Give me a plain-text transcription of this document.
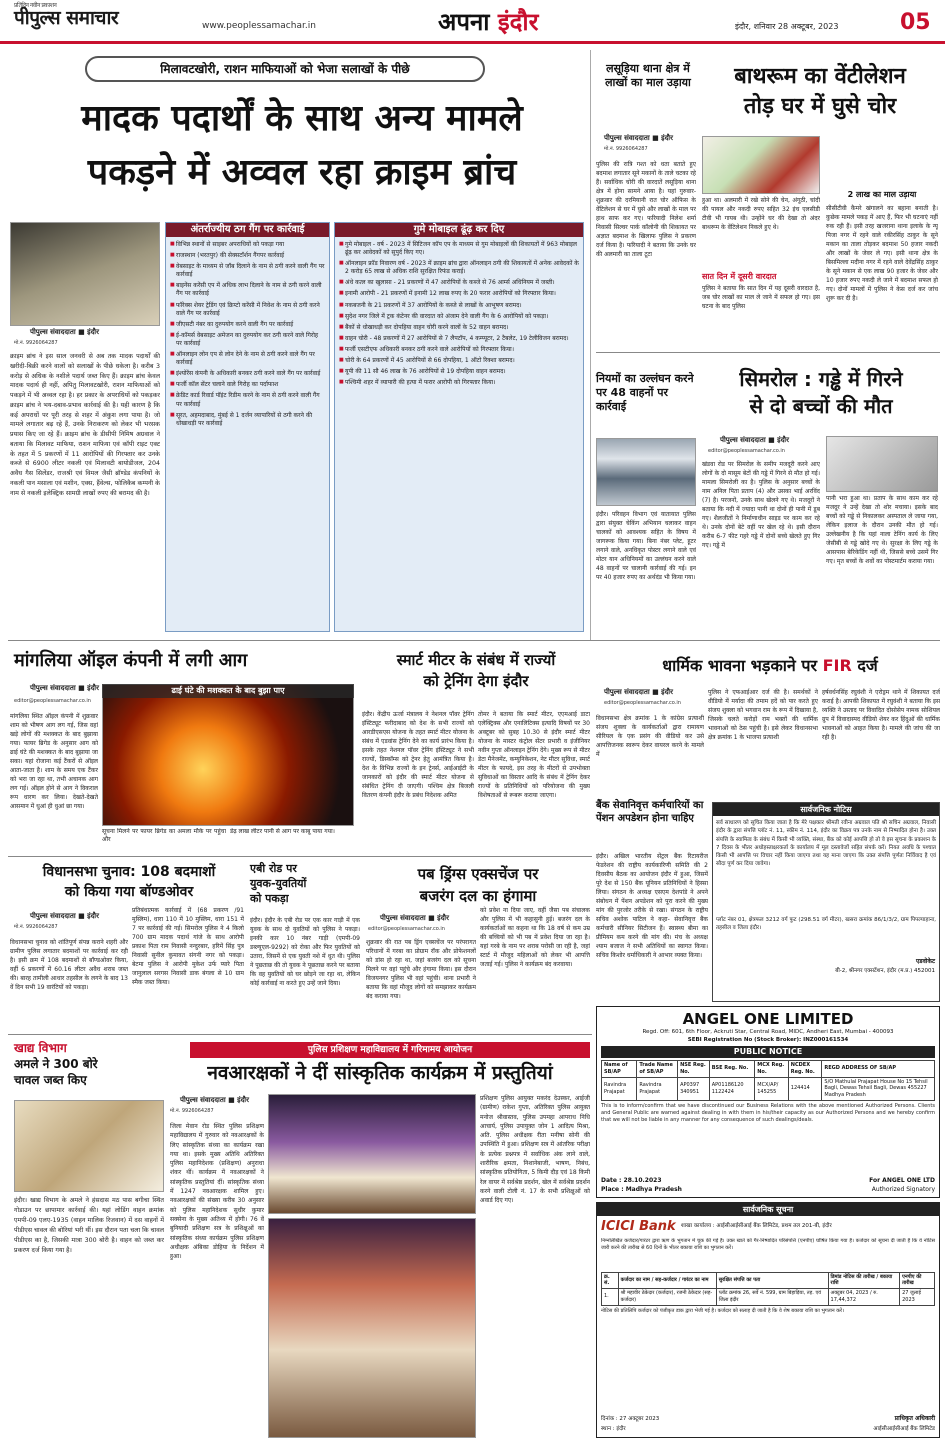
प्रतिदिन नवीन प्रकाशन
पीपुल्स समाचार	www.peoplessamachar.in	अपना इंदौर	इंदौर, शनिवार 28 अक्टूबर, 2023	05
मिलावटखोरी, राशन माफियाओं को भेजा सलाखों के पीछे
मादक पदार्थों के साथ अन्य मामले
पकड़ने में अव्वल रहा क्राइम ब्रांच
पीपुल्स संवाददाता ■ इंदौर
मो.नं. 9926064287
क्राइम ब्रांच ने इस साल जनवरी से अब तक मादक पदार्थों की खरीदी-बिक्री करने वालों को सलाखों के पीछे धकेला है। करीब 3 करोड़ से अधिक के नशीले पदार्थ जब्त किए हैं। क्राइम ब्रांच केवल मादक पदार्थ ही नहीं, अपितु मिलावटखोरी, राशन माफियाओं को पकड़ने में भी अव्वल रहा है। हर प्रकार के अपराधियों को पकड़कर क्राइम ब्रांच ने भय-दबाव-प्रभाव कार्रवाई की है। यही कारण है कि कई अपराधों पर पूरी तरह से शहर में अंकुश लगा पाया है। जो मामले लगातार बढ़ रहे हैं, उनके निराकरण को लेकर भी भरसक प्रयास किए जा रहे हैं। क्राइम ब्रांच के डीसीपी निमिष अग्रवाल ने बताया कि मिलावट माफिया, राशन माफिया एवं कॉपी राइट एक्ट के तहत में 5 प्रकरणों में 11 आरोपियों की गिरफ्तार कर उनके कब्जे से 6900 लीटर नकली एवं मिलावटी बायोडीजल, 204 अवैध गैस सिलेंडर, राजश्री एवं विमल जैसी ब्रॉण्डेड कंपनियों के नकली पान मसाला एवं मशीन, एक्स, हैंवेल्स, फोलिकैब कम्पनी के नाम से नकली इलेक्ट्रिक सामग्री लाखों रुपए की बरामद की है।
अंतर्राज्यीय ठग गैंग पर कार्रवाई
■ विभिन्न स्थानों से साइबर अपराधियों को पकड़ा गया
■ राजस्थान (भरतपुर) की सेक्सटाॅर्शन गैंगपर कार्रवाई
■ वेबसाइट के माध्यम से जॉब दिलाने के नाम से ठगी करने वाली गैंग पर कार्रवाई
■ बाइनेंस करेंसी एप में अधिक लाभ दिलाने के नाम से ठगी करने वाली गैंग पर कार्रवाई
■ फॉरेक्स शेयर ट्रेडिंग एवं क्रिप्टो करेंसी में निवेश के नाम से ठगी करने वाले गैंग पर कार्रवाई
■ जीएसटी नंबर का दुरुपयोग करने वाली गैंग पर कार्रवाई
■ ई-कॉमर्स वेबसाइट अमेजन का दुरुपयोग कर ठगी करने वाले गिरोह पर कार्रवाई
■ ऑनलाइन लोन एप से लोन देने के नाम से ठगी करने वाले गैंग पर कार्रवाई
■ इंश्योरेंस कंपनी के अधिकारी बनकर ठगी करने वाले गैंग पर कार्रवाई
■ फर्जी कॉल सेंटर चलाने वाले गिरोह का पर्दाफाश
■ क्रेडिट कार्ड रिवार्ड पॉइंट रिडीम करने के नाम से ठगी करने वाली गैंग पर कार्रवाई
■ सूरत, अहमदाबाद, मुंबई से 1 दर्जन व्यापारियों से ठगी करने की धोखाधड़ी पर कार्रवाई
गुमे मोबाइल ढूंढ़ कर दिए
■ गुमे मोबाइल - वर्ष - 2023 में सिटिजन कॉप एप के माध्यम से गुम मोबाइलों की शिकायतों में 963 मोबाइल ढूंढ़ कर आवेदकों को सुपुर्द किए गए।
■ ऑनलाइन फ्रॉड निवारण वर्ष - 2023 में क्राइम ब्रांच द्वारा ऑनलाइन ठगी की शिकायतों में अनेक आवेदकों के 2 करोड़ 65 लाख से अधिक राशि सुरक्षित रिफंड कराई।
■ अंधे कत्ल का खुलासा - 21 प्रकरणों में 47 आरोपियों के कब्जे से 76 आर्म्स अधिनियम में जब्ती।
■ इनामी आरोपी - 21 प्रकरणों में इनामी 12 लाख रुपए के 20 फरार आरोपियों को गिरफ्तार किया।
■ नकबजनी के 21 प्रकरणों में 37 आरोपियों के कब्जे से लाखों के आभूषण बरामद।
■ सुदेश नगर जिले में ट्रक कंटेनर की वारदात को अंजाम देने वाली गैंग के 6 आरोपियों को पकड़ा।
■ बैंकों से धोखाधड़ी कर दोपहिया वाहन चोरी करने वालों के 52 वाहन बरामद।
■ वाहन चोरी - 48 प्रकरणों में 27 आरोपियों से 7 लैपटॉप, 4 कम्प्यूटर, 2 टैबलेट, 19 टेलीविजन बरामद।
■ फर्जी एसटीएफ अधिकारी बनकर ठगी करने वाले आरोपियों को गिरफ्तार किया।
■ चोरी के 64 प्रकरणों में 45 आरोपियों से 66 दोपहिया, 1 ऑटो रिक्शा बरामद।
■ यूपी की 11 सौ 46 लाख के 76 आरोपियों से 19 दोपहिया वाहन बरामद।
■ पश्चिमी शहर में व्यापारी की हत्या में फरार आरोपी को गिरफ्तार किया।
लसूड़िया थाना क्षेत्र में लाखों का माल उड़ाया
पीपुल्स संवाददाता ■ इंदौर
मो.नं. 9926064287
पुलिस की रात्रि गश्त को धता बताते हुए बदमाश लगातार सूने मकानों के ताले चटका रहे हैं। सर्वाधिक चोरी की वारदातें लसूड़िया थाना क्षेत्र में होना सामने आया है। यहां गुरुवार-शुक्रवार की दरमियानी रात चोर ऑफिस के वेंटिलेशन से घर में घुसे और लाखों के माल पर हाथ साफ कर गए। फरियादी निलेश शर्मा निवासी सिल्वर पार्क कॉलोनी की शिकायत पर अज्ञात बदमाश के खिलाफ पुलिस ने प्रकरण दर्ज किया है। फरियादी ने बताया कि उनके घर की अलमारी का ताला टूटा
बाथरूम का वेंटीलेशन
तोड़ घर में घुसे चोर
हुआ था। अलमारी में रखे सोने की चेन, अंगूठी, चांदी की पायल और नकदी रुपए सहित 32 इंच एलसीडी टीवी भी गायब थी। उन्होंने घर की देखा तो अंदर बाथरूम के वेंटिलेशन निकले हुए थे।
सात दिन में दूसरी वारदात
पुलिस ने बताया कि सात दिन में यह दूसरी वारदात है, जब चोर लाखों का माल ले जाने में सफल हो गए। इस घटना के बाद पुलिस
2 लाख का माल उड़ाया
सीसीटीवी कैमरे खंगालने का बहाना बनाती है। कुछेक मामले पकड़ में आए हैं, फिर भी घटनाएं नहीं रुक रही हैं। इसी तरह खजराना थाना इलाके के न्यू पिजा नगर में रहने वाले रकीरसिंह ठाकुर के सूने मकान का ताला तोड़कर बदमाश 50 हजार नकदी और लाखों के जेवर ले गए। इसी थाना क्षेत्र के बिसमिल्ला मदीना नगर में रहने वाले देवेंद्रसिंह ठाकुर के सूने मकान से एक लाख 90 हजार के जेवर और 10 हजार रुपए नकदी ले जाने में बदमाश सफल हो गए। दोनों मामलों में पुलिस ने केस दर्ज कर जांच शुरू कर दी है।
नियमों का उल्लंघन करने पर 48 वाहनों पर कार्रवाई
इंदौर। परिवहन विभाग एवं यातायात पुलिस द्वारा संयुक्त चेकिंग अभियान चलाकर वाहन चालकों को आवश्यक सहित के विषय में जागरूक किया गया। बिना नंबर प्लेट, हूटर लगाने वाले, अनधिकृत पोस्टर लगाने वाले एवं मोटर यान अधिनियमों का उल्लंघन करने वाले 48 वाहनों पर चालानी कार्रवाई की गई। इन पर 40 हजार रुपए का अर्थदंड भी किया गया।
सिमरोल : गड्ढे में गिरने
से दो बच्चों की मौत
पीपुल्स संवाददाता ■ इंदौर
editor@peoplessamachar.co.in
खंडवा रोड पर सिमरोल के समीप मजदूरी करने आए लोगों के दो मासूम बेटों की गड्ढे में गिरने से मौत हो गई। मामला सिमरोली का है। पुलिस के अनुसार बच्चों के नाम अनिल पिता प्रताप (4) और उसका भाई अरविंद (7) है। परजनों, उनके साथ खेलने गए थे। मजदूरों ने बताया कि नदी में ज्यादा पानी था दोनों ही पानी में डूब गए। शैलजीतों ने निर्माणाधीन साइड पर काम कर रहे थे। उनके दोनों बेटे वहीं पर खेल रहे थे। इसी दौरान करीब 6-7 फीट गहरे गड्ढे में दोनों बच्चे खेलते हुए गिर गए। गड्ढे में
पानी भरा हुआ था। प्रताप के साथ काम कर रहे मजदूर ने उन्हें देखा तो शोर मचाया। इसके बाद बच्चों को गड्ढे से निकालकर अस्पताल ले जाया गया, लेकिन इलाज के दौरान उनकी मौत हो गई। उल्लेखनीय है कि यहां नाला टेनिंग कार्य के लिए जेसीबी से गड्ढे खोदे गए थे। सुरक्षा के लिए गड्ढे के आसपास बेरिकेडिंग नहीं थी, जिससे बच्चे उसमें गिर गए। मृत बच्चों के शवों का पोस्टमार्टम कराया गया।
मांगलिया ऑइल कंपनी में लगी आग
पीपुल्स संवाददाता ■ इंदौर
editor@peoplessamachar.co.in
मांगलिया स्थित ऑइल कंपनी में शुक्रवार शाम को भीषण आग लग गई, जिस वहां खड़े लोगों की मशक्कत के बाद बुझाया गया। फायर ब्रिगेड के अनुसार आग को ढाई घंटे की मशक्कत के बाद बुझाया जा सका। यहां रोजाना कई टैंकरों से ऑइल आता-जाता है। शाम के समय एक टैंकर को भरा जा रहा था, तभी अचानक आग लग गई। ऑइल होने से आग ने विकराल रूप धारण कर लिया। देखते-देखते आसमान में धुआं ही धुआं छा गया।
ढाई घंटे की मशक्कत के बाद बुझा पाए
सूचना मिलने पर फायर ब्रिगेड का अमला मौके पर पहुंचा और
डेढ़ लाख लीटर पानी से आग पर काबू पाया गया।
स्मार्ट मीटर के संबंध में राज्यों
को ट्रेनिंग देगा इंदौर
इंदौर। केंद्रीय ऊर्जा मंत्रालय ने नेशनल पॉवर ट्रेनिंग इंस्टिट्यूट फरीदाबाद को देश के सभी राज्यों को आरडीएसएस योजना के तहत स्मार्ट मीटर योजना के संबंध में एडवांस ट्रेनिंग देने का कार्य प्रारंभ किया है। इसके तहत नेशनल पॉवर ट्रेनिंग इंस्टिट्यूट ने सभी राज्यों, डिस्कॉम्स को ट्रेनर हेतु आमंत्रित किया है। देश के विभिन्न राज्यों के इन ट्रेनर्स, आईआईटी के जानकारों को इंदौर की स्मार्ट मीटर योजना से संबंधित ट्रेनिंग दी जाएगी। पश्चिम क्षेत्र बिजली वितरण कंपनी इंदौर के प्रबंध निदेशक अमित
तोमर ने बताया कि स्मार्ट मीटर, एएमआई डाटा एलेक्ट्रिक्स और एनालिटिक्स इत्यादि विषयों पर 30 अक्टूबर को सुबह 10.30 से इंदौर स्मार्ट मीटर योजना के मास्टर कंट्रोल सेंटर प्रभारी व इंजीनियर नवीन गुप्ता ऑनलाइन ट्रेनिंग देंगे। मुख्य रूप से मीटर डेटा मैनेजमेंट, कम्युनिकेशन, नेट मीटर सुविधा, स्मार्ट मीटर के फायदे, इस तरह के मीटरों से उपभोक्ता सुविधाओं का विस्तार आदि के संबंध में ट्रेनिंग देकर राज्यों के प्रतिनिधियों को परियोजना की मुख्य विशेषताओं से रूबरू कराया जाएगा।
धार्मिक भावना भड़काने पर FIR दर्ज
पीपुल्स संवाददाता ■ इंदौर
editor@peoplessamachar.co.in
विधानसभा क्षेत्र क्रमांक 1 के कांग्रेस प्रत्याशी संजय शुक्ला के कार्यकर्ताओं द्वारा रामायण सीरियल के एक प्रसंग की वीडियो कर उसे आपत्तिजनक स्वरूप देकर वायरल करने के मामले में
पुलिस ने एफआईआर दर्ज की है। समर्थकों ने वीडियो में मर्यादा की तमाम हदें को पार करते हुए संजय शुक्ला को भगवान राम के रूप में दिखाया है, जिसके चलते करोड़ों राम भक्तों की धार्मिक भावनाओं को ठेस पहुंची है। इसे लेकर विधानसभा क्षेत्र क्रमांक 1 के भाजपा प्रत्याशी
हर्षवर्धनसिंह रघुवंशी ने एरोड्रम थाने में शिकायत दर्ज कराई है। आपकी शिकायत में रघुवंशी ने बताया कि इस व्यक्ति ने उस्ताद पर विवादित दोसोसेप नामक सोशियल ग्रुप में विवादास्पद वीडियो शेयर कर हिंदुओं की धार्मिक भावनाओं को आहत किया है। मामले की जांच की जा रही है।
विधानसभा चुनाव: 108 बदमाशों
को किया गया बॉण्डओवर
पीपुल्स संवाददाता ■ इंदौर
मो.नं. 9926064287
विधानसभा चुनाव को शांतिपूर्ण संपन्न कराने शहरी और ग्रामीण पुलिस लगातार बदमाशों पर कार्रवाई कर रही है। इसी क्रम में 108 बदमाशों से बॉण्डओवर किया, वहीं 6 प्रकरणों में 60.16 लीटर अवैध शराब जब्त की। बारह तामीली आधार तहसील के लगने के बाद 13 वें दिन सभी 19 वारंटियों को पकड़ा।
प्रतिबंधात्मक कार्रवाई में (68 प्रकरण /91 मुस्लिम), धारा 110 में 10 मुस्लिम, धारा 151 में 7 पर कार्रवाई की गई। सिमरोल पुलिस ने 4 किलो 700 ग्राम मादक पदार्थ गांजे के साथ आरोपी प्रकाश पिता राम निवासी नन्दुरबार, हरिमें सिंह पुत्र निवासी सुनील कुमावत संगनी नगर को पकड़ा। बेटमा पुलिस ने आरोपी मुकेश उर्फ प्यारे पिता जानुलाल सरगस निवासी डाक बंगला से 10 ग्राम स्मैक जब्त किया।
एबी रोड पर
युवक-युवतियों
को पकड़ा
इंदौर। इंदौर के एबी रोड पर एक कार गाड़ी में एक युवक के साथ दो युवतियों को पुलिस ने पकड़ा। इनकी कार 10 नंबर गाड़ी (एमपी-09 डब्ल्यूएल-9292) को रोका और फिर युवतियों को उतारा, जिसमें से एक युवती नशे में धुत थी। पुलिस ने पूछताछ की तो युवक ने पूछताछ करने पर बताया कि वह युवतियों को घर छोड़ने जा रहा था, लेकिन कोई कार्रवाई ना करते हुए उन्हें जाने दिया।
पब ड्रिंग्स एक्सचेंज पर
बजरंग दल का हंगामा
पीपुल्स संवाददाता ■ इंदौर
editor@peoplessamachar.co.in
शुक्रवार की रात पब ड्रिंग एक्सचेंज पर परंपरागत परिधानों में गरबा का प्रोग्राम रॉक और प्रोफेशनलों को डांस हो रहा था, जहां बजरंग दल को सूचना मिलने पर वहां पहुंचे और हंगामा किया। इस दौरान विजयनगर पुलिस भी वहां पहुंची। थाना प्रभारी ने बताया कि वहां मौजूद लोगों को समझाकर कार्यक्रम बंद कराया गया।
को प्रवेश ना दिया जाए, वहीं जैसा पब संचालक और पुलिस में भी कहासुनी हुई। बजरंग दल के कार्यकर्ताओं का कहना था कि 18 वर्ष से कम उम्र की बच्चियों को भी पब में प्रवेश दिया जा रहा है। यहां गरबे के नाम पर शराब परोसी जा रही है, जहां स्टार्ट में मौजूद महिलाओं को लेकर भी आपत्ति जताई गई। पुलिस ने कार्यक्रम बंद करवाया।
खाद्य विभाग
अमले ने 300 बोरे
चावल जब्त किए
इंदौर। खाद्य विभाग के अमले ने हंसदास मठ पास बगीचा स्थित गोडाउन पर छापामार कार्रवाई की। यहां लोडिंग वाहन क्रमांक एमपी-09 एलए-1935 (वाहन मालिक रिजवान) में दस वाहनों में पीडीएस चावल की बोरियां भरी थीं। इस दौरान पता चला कि चावल पीडीएस का है, जिसकी मात्रा 300 बोरी है। वाहन को जब्त कर प्रकरण दर्ज किया गया है।
पुलिस प्रशिक्षण महाविद्यालय में गरिमामय आयोजन
नवआरक्षकों ने दीं सांस्कृतिक कार्यक्रम में प्रस्तुतियां
पीपुल्स संवाददाता ■ इंदौर
मो.नं. 9926064287
जिला मेवान रोड स्थित पुलिस प्रशिक्षण महाविद्यालय में गुरुवार को नवआरक्षकों के लिए सांस्कृतिक संध्या का कार्यक्रम रखा गया था। इसके मुख्य अतिथि अतिरिक्त पुलिस महानिदेशक (प्रशिक्षण) अनुराधा शंकर थीं। कार्यक्रम में नवआरक्षकों ने सांस्कृतिक प्रस्तुतियां दीं। सांस्कृतिक संध्या में 1247 नवआरक्षक शामिल हुए। नवआरक्षकों की संख्या करीब 30 अनुसार को पुलिस महानिदेशक सुधीर कुमार सक्सेना के मुख्य अतिथ्य में होगी। 76 वें बुनियादी प्रशिक्षण सत्र के प्रशिक्षुओं का सांस्कृतिक संध्या कार्यक्रम पुलिस प्रशिक्षण अधीक्षक अंबिका डोहिया के निर्देशन में हुआ।
प्रशिक्षण पुलिस आयुक्त मकरंद देउस्कर, आईजी (ग्रामीण) राकेश गुप्ता, अतिरिक्त पुलिस आयुक्त मनोज श्रीवास्तव, पुलिस उपमहा आपराध निधि आचार्य, पुलिस उपायुक्त जोन 1 आदित्य मिश्रा, अति. पुलिस अधीक्षक रीता मनीषा सोनी की उपस्थिति में हुआ। प्रशिक्षण सत्र में आंतरिक परीक्षा के प्रत्येक प्रश्नपत्र में सर्वाधिक अंक लाने वाले, शारीरिक क्षमता, निशानेबाजी, भाषण, निबंध, सांस्कृतिक प्रतियोगिता, 5 किमी दौड़ एवं 18 किमी रेल वायर में सर्वश्रेष्ठ प्रदर्शन, खेल में सर्वश्रेष्ठ प्रदर्शन करने वाली टोली नं. 17 के सभी प्रशिक्षुओं को अवार्ड दिए गए।
बैंक सेवानिवृत्त कर्मचारियों का पेंशन अपडेशन होना चाहिए
इंदौर। अखिल भारतीय सेंट्रल बैंक रिटायरीज फेडरेशन की राष्ट्रीय कार्यकारिणी समिति की 2 दिवसीय बैठक का आयोजन इंदौर में हुआ, जिसमें पूरे देश से 150 बैंक यूनियन प्रतिनिधियों ने हिस्सा लिया। संगठन के अध्यक्ष एसएम देशपांडे ने अपने संबोधन में पेंशन अपडेशन को पूरा करने की मुख्य मांग की पुरजोर तरीके से रखा। संगठन के राष्ट्रीय सचिव अशोक पाटिल ने कहा- सेवानिवृत्त बैंक कर्मचारी सीनियर सिटीजन हैं। स्वास्थ्य बीमा का प्रीमियम कम करने की मांग की। मंच के अध्यक्ष श्याम बजाज ने सभी अतिथियों का स्वागत किया। सचिव किशोर धर्माधिकारी ने आभार व्यक्त किया।
सार्वजनिक नोटिस
सर्व साधारण को सूचित किया जाता है कि मेरे पक्षकार श्रीमती रवीना अग्रवाल पति श्री सचिन अग्रवाल, निवासी इंदौर के द्वारा संपत्ति प्लॉट नं. 11, स्कीम नं. 114, इंदौर का विक्रय पत्र उनके नाम से निष्पादित होना है। उक्त संपत्ति के स्वामित्व के संबंध में किसी भी व्यक्ति, संस्था, बैंक को कोई आपत्ति हो तो वे इस सूचना के प्रकाशन के 7 दिवस के भीतर अधोहस्ताक्षरकर्ता के कार्यालय में मूल दस्तावेजों सहित संपर्क करें। नियत अवधि के पश्चात किसी भी आपत्ति पर विचार नहीं किया जाएगा तथा यह माना जाएगा कि उक्त संपत्ति पूर्णतः निर्विवाद है एवं सौदा पूर्ण कर दिया जावेगा।
प्लॉट नंबर 01, क्षेत्रफल 3212 वर्ग फुट (298.51 वर्ग मीटर), खसरा क्रमांक 86/1/3/2, ग्राम पिपल्याहाना, तहसील व जिला इंदौर।
एडवोकेट
बी-2, श्रीनगर एक्सटेंशन, इंदौर (म.प्र.) 452001
ANGEL ONE LIMITED
Regd. Off: 601, 6th Floor, Ackruti Star, Central Road, MIDC, Andheri East, Mumbai - 400093
SEBI Registration No (Stock Broker): INZ000161534
PUBLIC NOTICE
Name of SB/AP	Trade Name of SB/AP	NSE Reg. No.	BSE Reg. No.	MCX Reg. No.	NCDEX Reg. No.	REGD ADDRESS OF SB/AP
Ravindra Prajapat	Ravindra Prajapat	AP0397 340951	AP01186120 1122424	MCX/AP/ 145255	124414	S/O Mathulal Prajapat House No 15 Tehsil Bagli, Dewas Tehsil Bagli, Dewas 455227 Madhya Pradesh
This is to inform/confirm that we have discontinued our Business Relations with the above mentioned Authorized Persons. Clients and General Public are warned against dealing in with them in his/their capacity as our Authorized Persons and we hereby confirm that we will not be liable in any manner for any consequence of such dealings/deals.
Date : 28.10.2023
Place : Madhya Pradesh
For ANGEL ONE LTD
Authorized Signatory
सार्वजनिक सूचना
ICICI Bank शाखा कार्यालय : आईसीआईसीआई बैंक लिमिटेड, प्रथम तल 201-बी, इंदौर
निम्नलिखित कर्जदार/गारंटर द्वारा ऋण के भुगतान में चूक की गई है। उक्त खाते को गैर-निष्पादित परिसंपत्ति (एनपीए) घोषित किया गया है। कर्जदार को सूचना दी जाती है कि वे नोटिस जारी करने की तारीख से 60 दिनों के भीतर बकाया राशि का भुगतान करें।
क्र. सं.	कर्जदार का नाम / सह-कर्जदार / गारंटर का नाम	सुरक्षित संपत्ति का पता	डिमांड नोटिस की तारीख / बकाया राशि	एनपीए की तारीख
1.	श्री महावीर ठेकेदार (कर्जदार), रजनी ठेकेदार (सह-कर्जदार)	प्लॉट क्रमांक 26, सर्वे नं. 599, ग्राम बिहाड़िया, तह. एवं जिला इंदौर	अक्टूबर 04, 2023 / रु. 17,44,372	27 जुलाई 2023
नोटिस की प्रतिलिपि कर्जदार को पंजीकृत डाक द्वारा भेजी गई है। कर्जदार को सलाह दी जाती है कि वे शेष बकाया राशि का भुगतान करें।
दिनांक : 27 अक्टूबर 2023
स्थान : इंदौर
प्राधिकृत अधिकारी
आईसीआईसीआई बैंक लिमिटेड
